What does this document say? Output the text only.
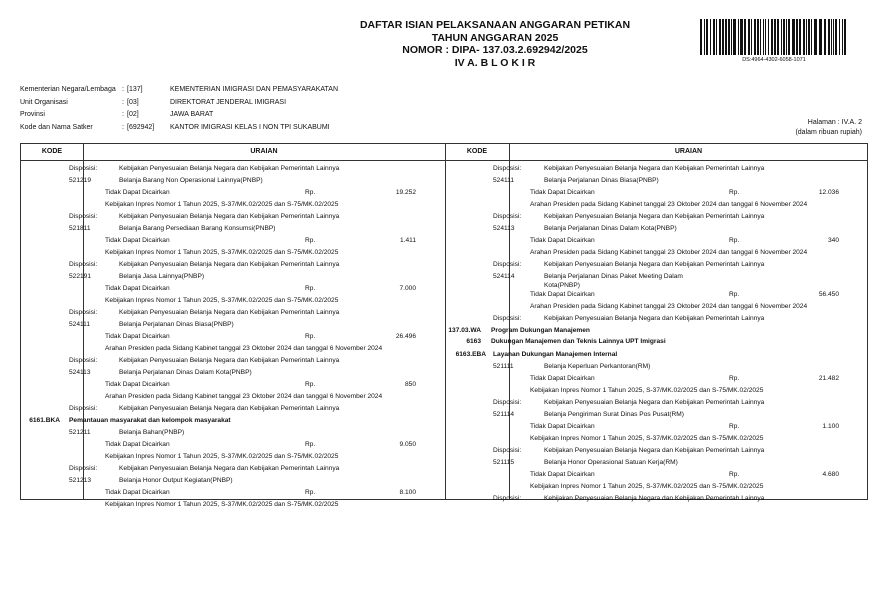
DAFTAR ISIAN PELAKSANAAN ANGGARAN PETIKAN
TAHUN ANGGARAN 2025
NOMOR : DIPA- 137.03.2.692942/2025
IV A. B L O K I R	DS:4964-4302-6058-1071
Kementerian Negara/Lembaga : [137]	KEMENTERIAN IMIGRASI DAN PEMASYARAKATAN
Unit Organisasi	: [03]	DIREKTORAT JENDERAL IMIGRASI
Provinsi	: [02]	JAWA BARAT
Kode dan Nama Satker	: [692942] KANTOR IMIGRASI KELAS I NON TPI SUKABUMI
Halaman : IV.A. 2
(dalam ribuan rupiah)
KODE	URAIAN	KODE	URAIAN
Disposisi:	Kebijakan Penyesuaian Belanja Negara dan Kebijakan Pemerintah Lainnya
521219	Belanja Barang Non Operasional Lainnya(PNBP)
Tidak Dapat Dicairkan	Rp.	19.252
Kebijakan Inpres Nomor 1 Tahun 2025, S-37/MK.02/2025 dan S-75/MK.02/2025
Disposisi:	Kebijakan Penyesuaian Belanja Negara dan Kebijakan Pemerintah Lainnya
521811	Belanja Barang Persediaan Barang Konsumsi(PNBP)
Tidak Dapat Dicairkan	Rp.	1.411
Kebijakan Inpres Nomor 1 Tahun 2025, S-37/MK.02/2025 dan S-75/MK.02/2025
Disposisi:	Kebijakan Penyesuaian Belanja Negara dan Kebijakan Pemerintah Lainnya
522191	Belanja Jasa Lainnya(PNBP)
Tidak Dapat Dicairkan	Rp.	7.000
Kebijakan Inpres Nomor 1 Tahun 2025, S-37/MK.02/2025 dan S-75/MK.02/2025
Disposisi:	Kebijakan Penyesuaian Belanja Negara dan Kebijakan Pemerintah Lainnya
524111	Belanja Perjalanan Dinas Biasa(PNBP)
Tidak Dapat Dicairkan	Rp.	26.496
Arahan Presiden pada Sidang Kabinet tanggal 23 Oktober 2024 dan tanggal 6 November 2024
Disposisi:	Kebijakan Penyesuaian Belanja Negara dan Kebijakan Pemerintah Lainnya
524113	Belanja Perjalanan Dinas Dalam Kota(PNBP)
Tidak Dapat Dicairkan	Rp.	850
Arahan Presiden pada Sidang Kabinet tanggal 23 Oktober 2024 dan tanggal 6 November 2024
Disposisi:	Kebijakan Penyesuaian Belanja Negara dan Kebijakan Pemerintah Lainnya
6161.BKA Pemantauan masyarakat dan kelompok masyarakat
521211	Belanja Bahan(PNBP)
Tidak Dapat Dicairkan	Rp.	9.050
Kebijakan Inpres Nomor 1 Tahun 2025, S-37/MK.02/2025 dan S-75/MK.02/2025
Disposisi:	Kebijakan Penyesuaian Belanja Negara dan Kebijakan Pemerintah Lainnya
521213	Belanja Honor Output Kegiatan(PNBP)
Tidak Dapat Dicairkan	Rp.	8.100
Kebijakan Inpres Nomor 1 Tahun 2025, S-37/MK.02/2025 dan S-75/MK.02/2025
Disposisi:	Kebijakan Penyesuaian Belanja Negara dan Kebijakan Pemerintah Lainnya
524111	Belanja Perjalanan Dinas Biasa(PNBP)
Tidak Dapat Dicairkan	Rp.	12.036
Arahan Presiden pada Sidang Kabinet tanggal 23 Oktober 2024 dan tanggal 6 November 2024
Disposisi:	Kebijakan Penyesuaian Belanja Negara dan Kebijakan Pemerintah Lainnya
524113	Belanja Perjalanan Dinas Dalam Kota(PNBP)
Tidak Dapat Dicairkan	Rp.	340
Arahan Presiden pada Sidang Kabinet tanggal 23 Oktober 2024 dan tanggal 6 November 2024
Disposisi:	Kebijakan Penyesuaian Belanja Negara dan Kebijakan Pemerintah Lainnya
524114	Belanja Perjalanan Dinas Paket Meeting Dalam
Kota(PNBP)
Tidak Dapat Dicairkan	Rp.	56.450
Arahan Presiden pada Sidang Kabinet tanggal 23 Oktober 2024 dan tanggal 6 November 2024
Disposisi:	Kebijakan Penyesuaian Belanja Negara dan Kebijakan Pemerintah Lainnya
137.03.WA Program Dukungan Manajemen
6163 Dukungan Manajemen dan Teknis Lainnya UPT Imigrasi
6163.EBA Layanan Dukungan Manajemen Internal
521111	Belanja Keperluan Perkantoran(RM)
Tidak Dapat Dicairkan	Rp.	21.482
Kebijakan Inpres Nomor 1 Tahun 2025, S-37/MK.02/2025 dan S-75/MK.02/2025
Disposisi:	Kebijakan Penyesuaian Belanja Negara dan Kebijakan Pemerintah Lainnya
521114	Belanja Pengiriman Surat Dinas Pos Pusat(RM)
Tidak Dapat Dicairkan	Rp.	1.100
Kebijakan Inpres Nomor 1 Tahun 2025, S-37/MK.02/2025 dan S-75/MK.02/2025
Disposisi:	Kebijakan Penyesuaian Belanja Negara dan Kebijakan Pemerintah Lainnya
521115	Belanja Honor Operasional Satuan Kerja(RM)
Tidak Dapat Dicairkan	Rp.	4.680
Kebijakan Inpres Nomor 1 Tahun 2025, S-37/MK.02/2025 dan S-75/MK.02/2025
Disposisi:	Kebijakan Penyesuaian Belanja Negara dan Kebijakan Pemerintah Lainnya
